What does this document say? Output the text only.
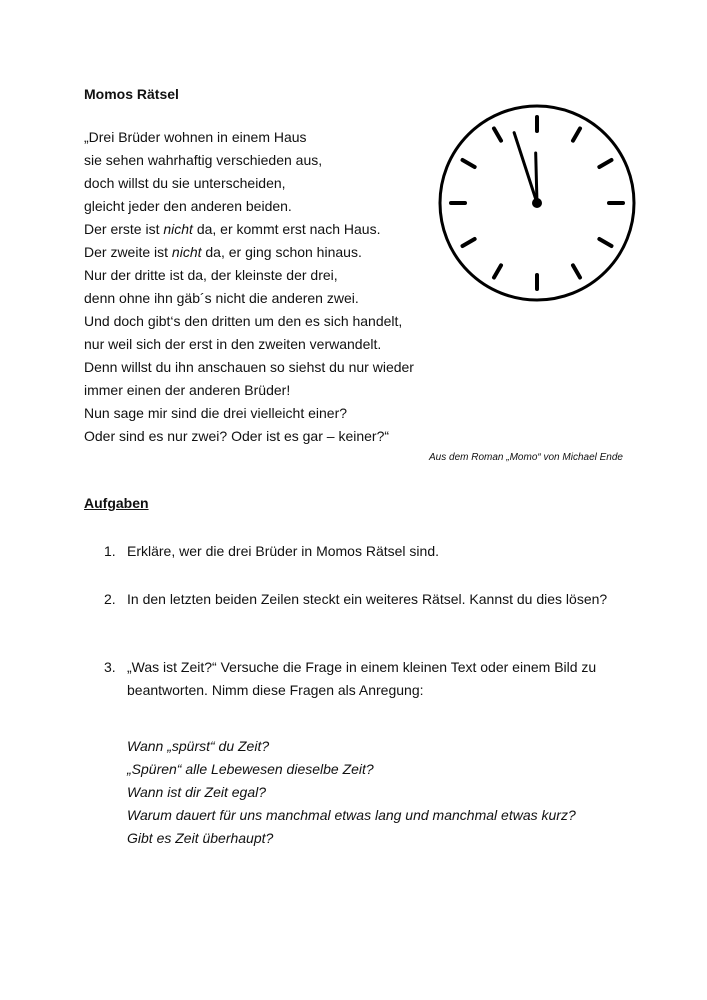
Momos Rätsel
„Drei Brüder wohnen in einem Haus
sie sehen wahrhaftig verschieden aus,
doch willst du sie unterscheiden,
gleicht jeder den anderen beiden.
Der erste ist nicht da, er kommt erst nach Haus.
Der zweite ist nicht da, er ging schon hinaus.
Nur der dritte ist da, der kleinste der drei,
denn ohne ihn gäb´s nicht die anderen zwei.
Und doch gibt‘s den dritten um den es sich handelt,
nur weil sich der erst in den zweiten verwandelt.
Denn willst du ihn anschauen so siehst du nur wieder
immer einen der anderen Brüder!
Nun sage mir sind die drei vielleicht einer?
Oder sind es nur zwei? Oder ist es gar – keiner?“
Aus dem Roman „Momo“ von Michael Ende
Aufgaben
1. Erkläre, wer die drei Brüder in Momos Rätsel sind.
2. In den letzten beiden Zeilen steckt ein weiteres Rätsel. Kannst du dies lösen?
3. „Was ist Zeit?“ Versuche die Frage in einem kleinen Text oder einem Bild zu beantworten. Nimm diese Fragen als Anregung:
Wann „spürst“ du Zeit?
„Spüren“ alle Lebewesen dieselbe Zeit?
Wann ist dir Zeit egal?
Warum dauert für uns manchmal etwas lang und manchmal etwas kurz?
Gibt es Zeit überhaupt?
